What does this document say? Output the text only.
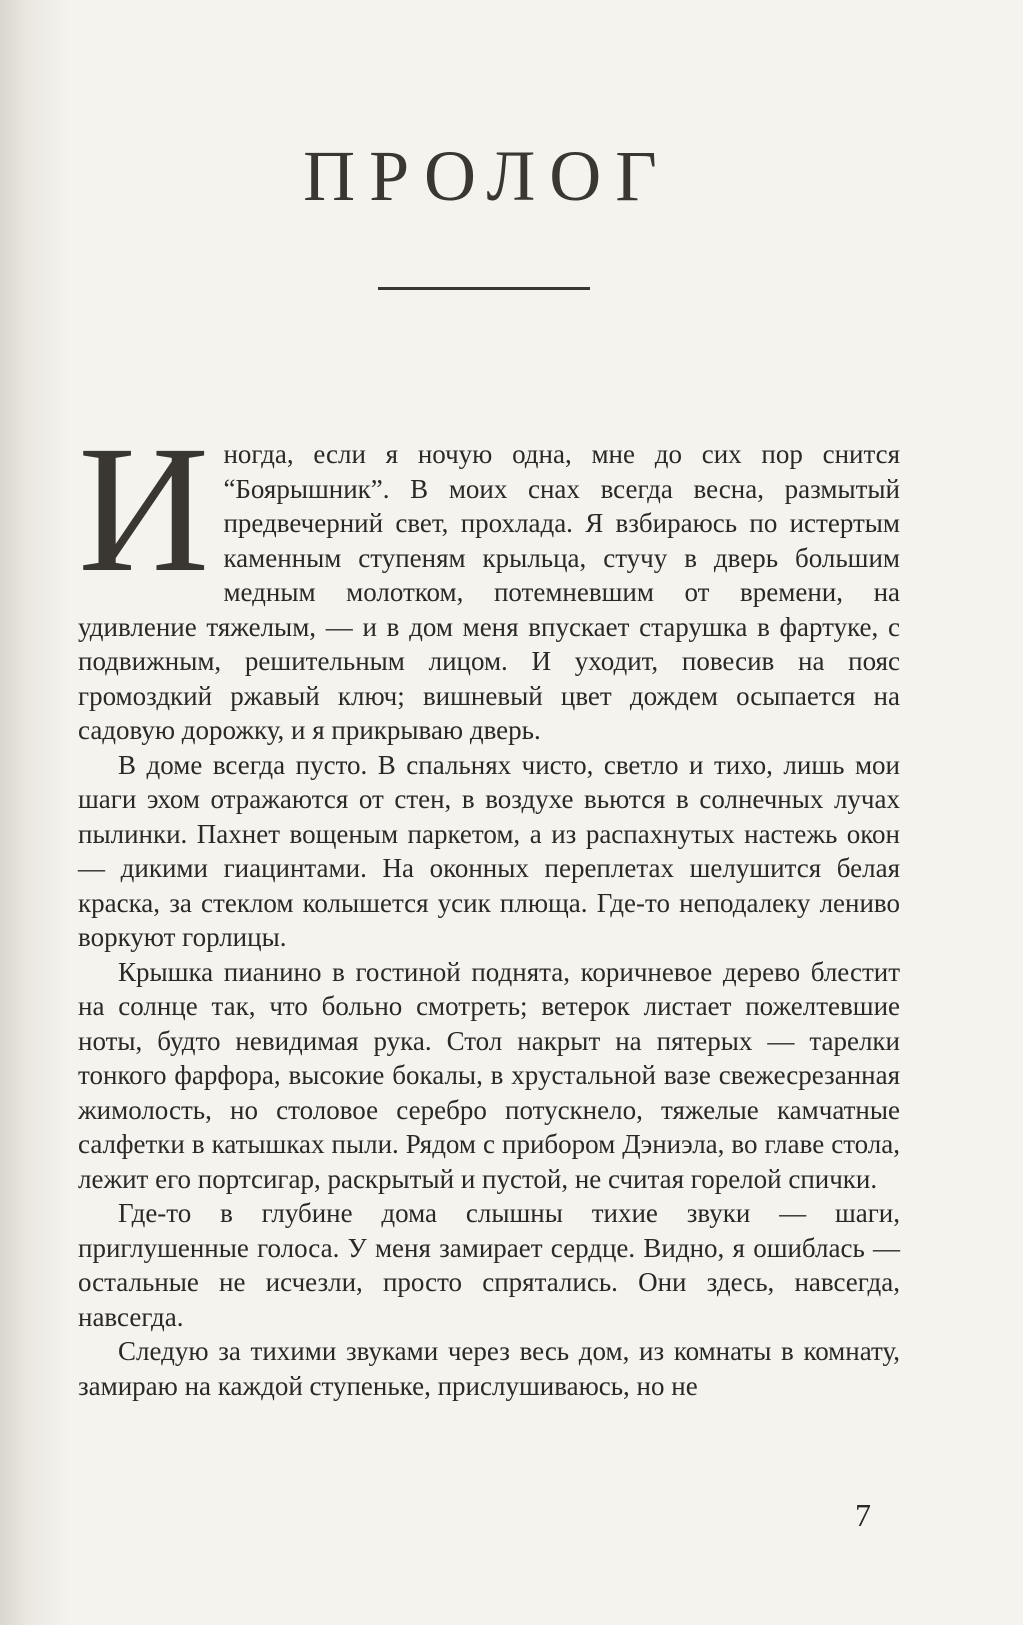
ПРОЛОГ

Иногда, если я ночую одна, мне до сих пор снится “Боярышник”. В моих снах всегда весна, размытый предвечерний свет, прохлада. Я взбираюсь по истертым каменным ступеням крыльца, стучу в дверь большим медным молотком, потемневшим от времени, на удивление тяжелым, — и в дом меня впускает старушка в фартуке, с подвижным, решительным лицом. И уходит, повесив на пояс громоздкий ржавый ключ; вишневый цвет дождем осыпается на садовую дорожку, и я прикрываю дверь.

В доме всегда пусто. В спальнях чисто, светло и тихо, лишь мои шаги эхом отражаются от стен, в воздухе вьются в солнечных лучах пылинки. Пахнет вощеным паркетом, а из распахнутых настежь окон — дикими гиацинтами. На оконных переплетах шелушится белая краска, за стеклом колышется усик плюща. Где-то неподалеку лениво воркуют горлицы.

Крышка пианино в гостиной поднята, коричневое дерево блестит на солнце так, что больно смотреть; ветерок листает пожелтевшие ноты, будто невидимая рука. Стол накрыт на пятерых — тарелки тонкого фарфора, высокие бокалы, в хрустальной вазе свежесрезанная жимолость, но столовое серебро потускнело, тяжелые камчатные салфетки в катышках пыли. Рядом с прибором Дэниэла, во главе стола, лежит его портсигар, раскрытый и пустой, не считая горелой спички.

Где-то в глубине дома слышны тихие звуки — шаги, приглушенные голоса. У меня замирает сердце. Видно, я ошиблась — остальные не исчезли, просто спрятались. Они здесь, навсегда, навсегда.

Следую за тихими звуками через весь дом, из комнаты в комнату, замираю на каждой ступеньке, прислушиваюсь, но не

7
